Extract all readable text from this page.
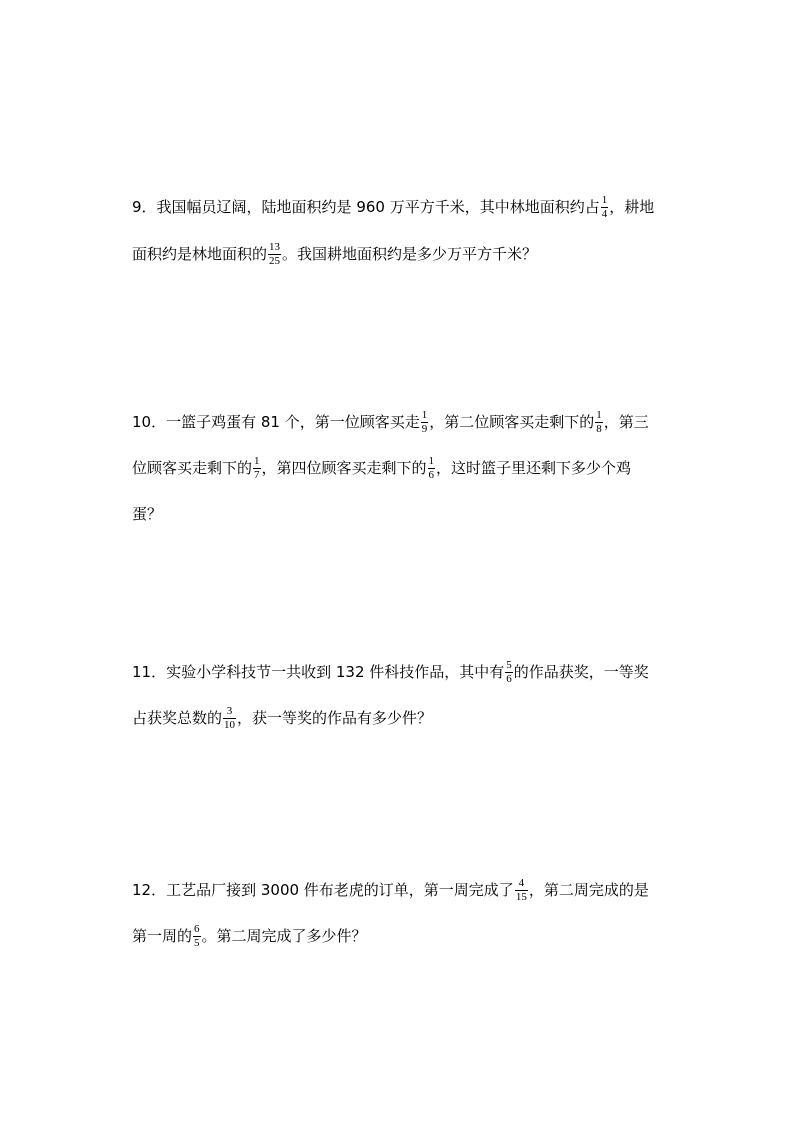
9．我国幅员辽阔，陆地面积约是 960 万平方千米，其中林地面积约占 $\frac{1}{4}$ ，耕地
面积约是林地面积的 $\frac{13}{25}$ 。我国耕地面积约是多少万平方千米？
10．一篮子鸡蛋有 81 个，第一位顾客买走 $\frac{1}{9}$ ，第二位顾客买走剩下的 $\frac{1}{8}$ ，第三
位顾客买走剩下的 $\frac{1}{7}$ ，第四位顾客买走剩下的 $\frac{1}{6}$ ，这时篮子里还剩下多少个鸡
蛋？
11．实验小学科技节一共收到 132 件科技作品，其中有 $\frac{5}{6}$ 的作品获奖，一等奖
占获奖总数的 $\frac{3}{10}$ ，获一等奖的作品有多少件？
12．工艺品厂接到 3000 件布老虎的订单，第一周完成了 $\frac{4}{15}$ ，第二周完成的是
第一周的 $\frac{6}{5}$ 。第二周完成了多少件？
